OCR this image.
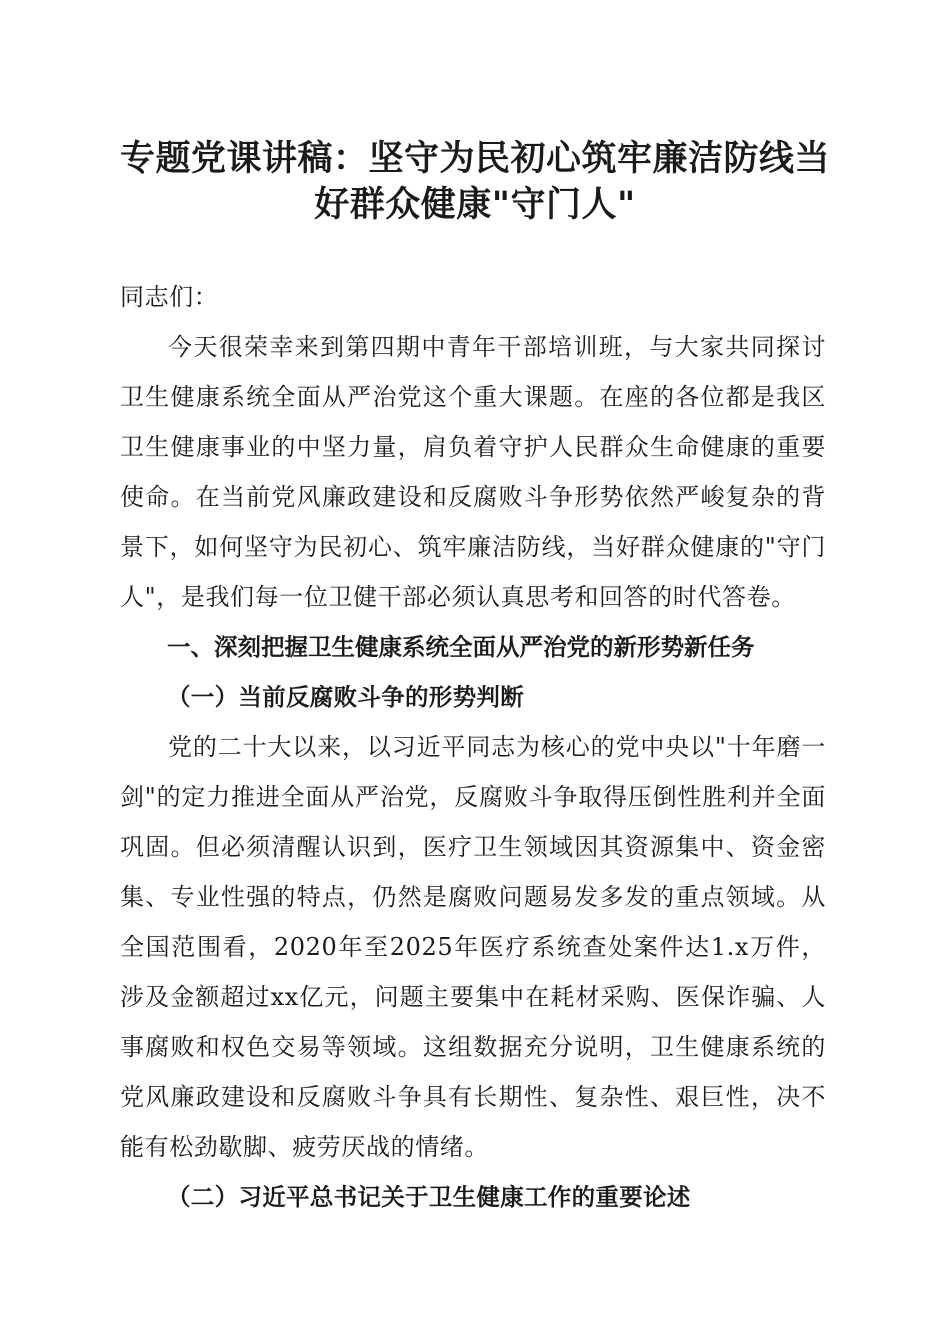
专题党课讲稿：坚守为民初心筑牢廉洁防线当好群众健康"守门人"

同志们：

今天很荣幸来到第四期中青年干部培训班，与大家共同探讨卫生健康系统全面从严治党这个重大课题。在座的各位都是我区卫生健康事业的中坚力量，肩负着守护人民群众生命健康的重要使命。在当前党风廉政建设和反腐败斗争形势依然严峻复杂的背景下，如何坚守为民初心、筑牢廉洁防线，当好群众健康的"守门人"，是我们每一位卫健干部必须认真思考和回答的时代答卷。

一、深刻把握卫生健康系统全面从严治党的新形势新任务

（一）当前反腐败斗争的形势判断

党的二十大以来，以习近平同志为核心的党中央以"十年磨一剑"的定力推进全面从严治党，反腐败斗争取得压倒性胜利并全面巩固。但必须清醒认识到，医疗卫生领域因其资源集中、资金密集、专业性强的特点，仍然是腐败问题易发多发的重点领域。从全国范围看，2020年至2025年医疗系统查处案件达1.x万件，涉及金额超过xx亿元，问题主要集中在耗材采购、医保诈骗、人事腐败和权色交易等领域。这组数据充分说明，卫生健康系统的党风廉政建设和反腐败斗争具有长期性、复杂性、艰巨性，决不能有松劲歇脚、疲劳厌战的情绪。

（二）习近平总书记关于卫生健康工作的重要论述
